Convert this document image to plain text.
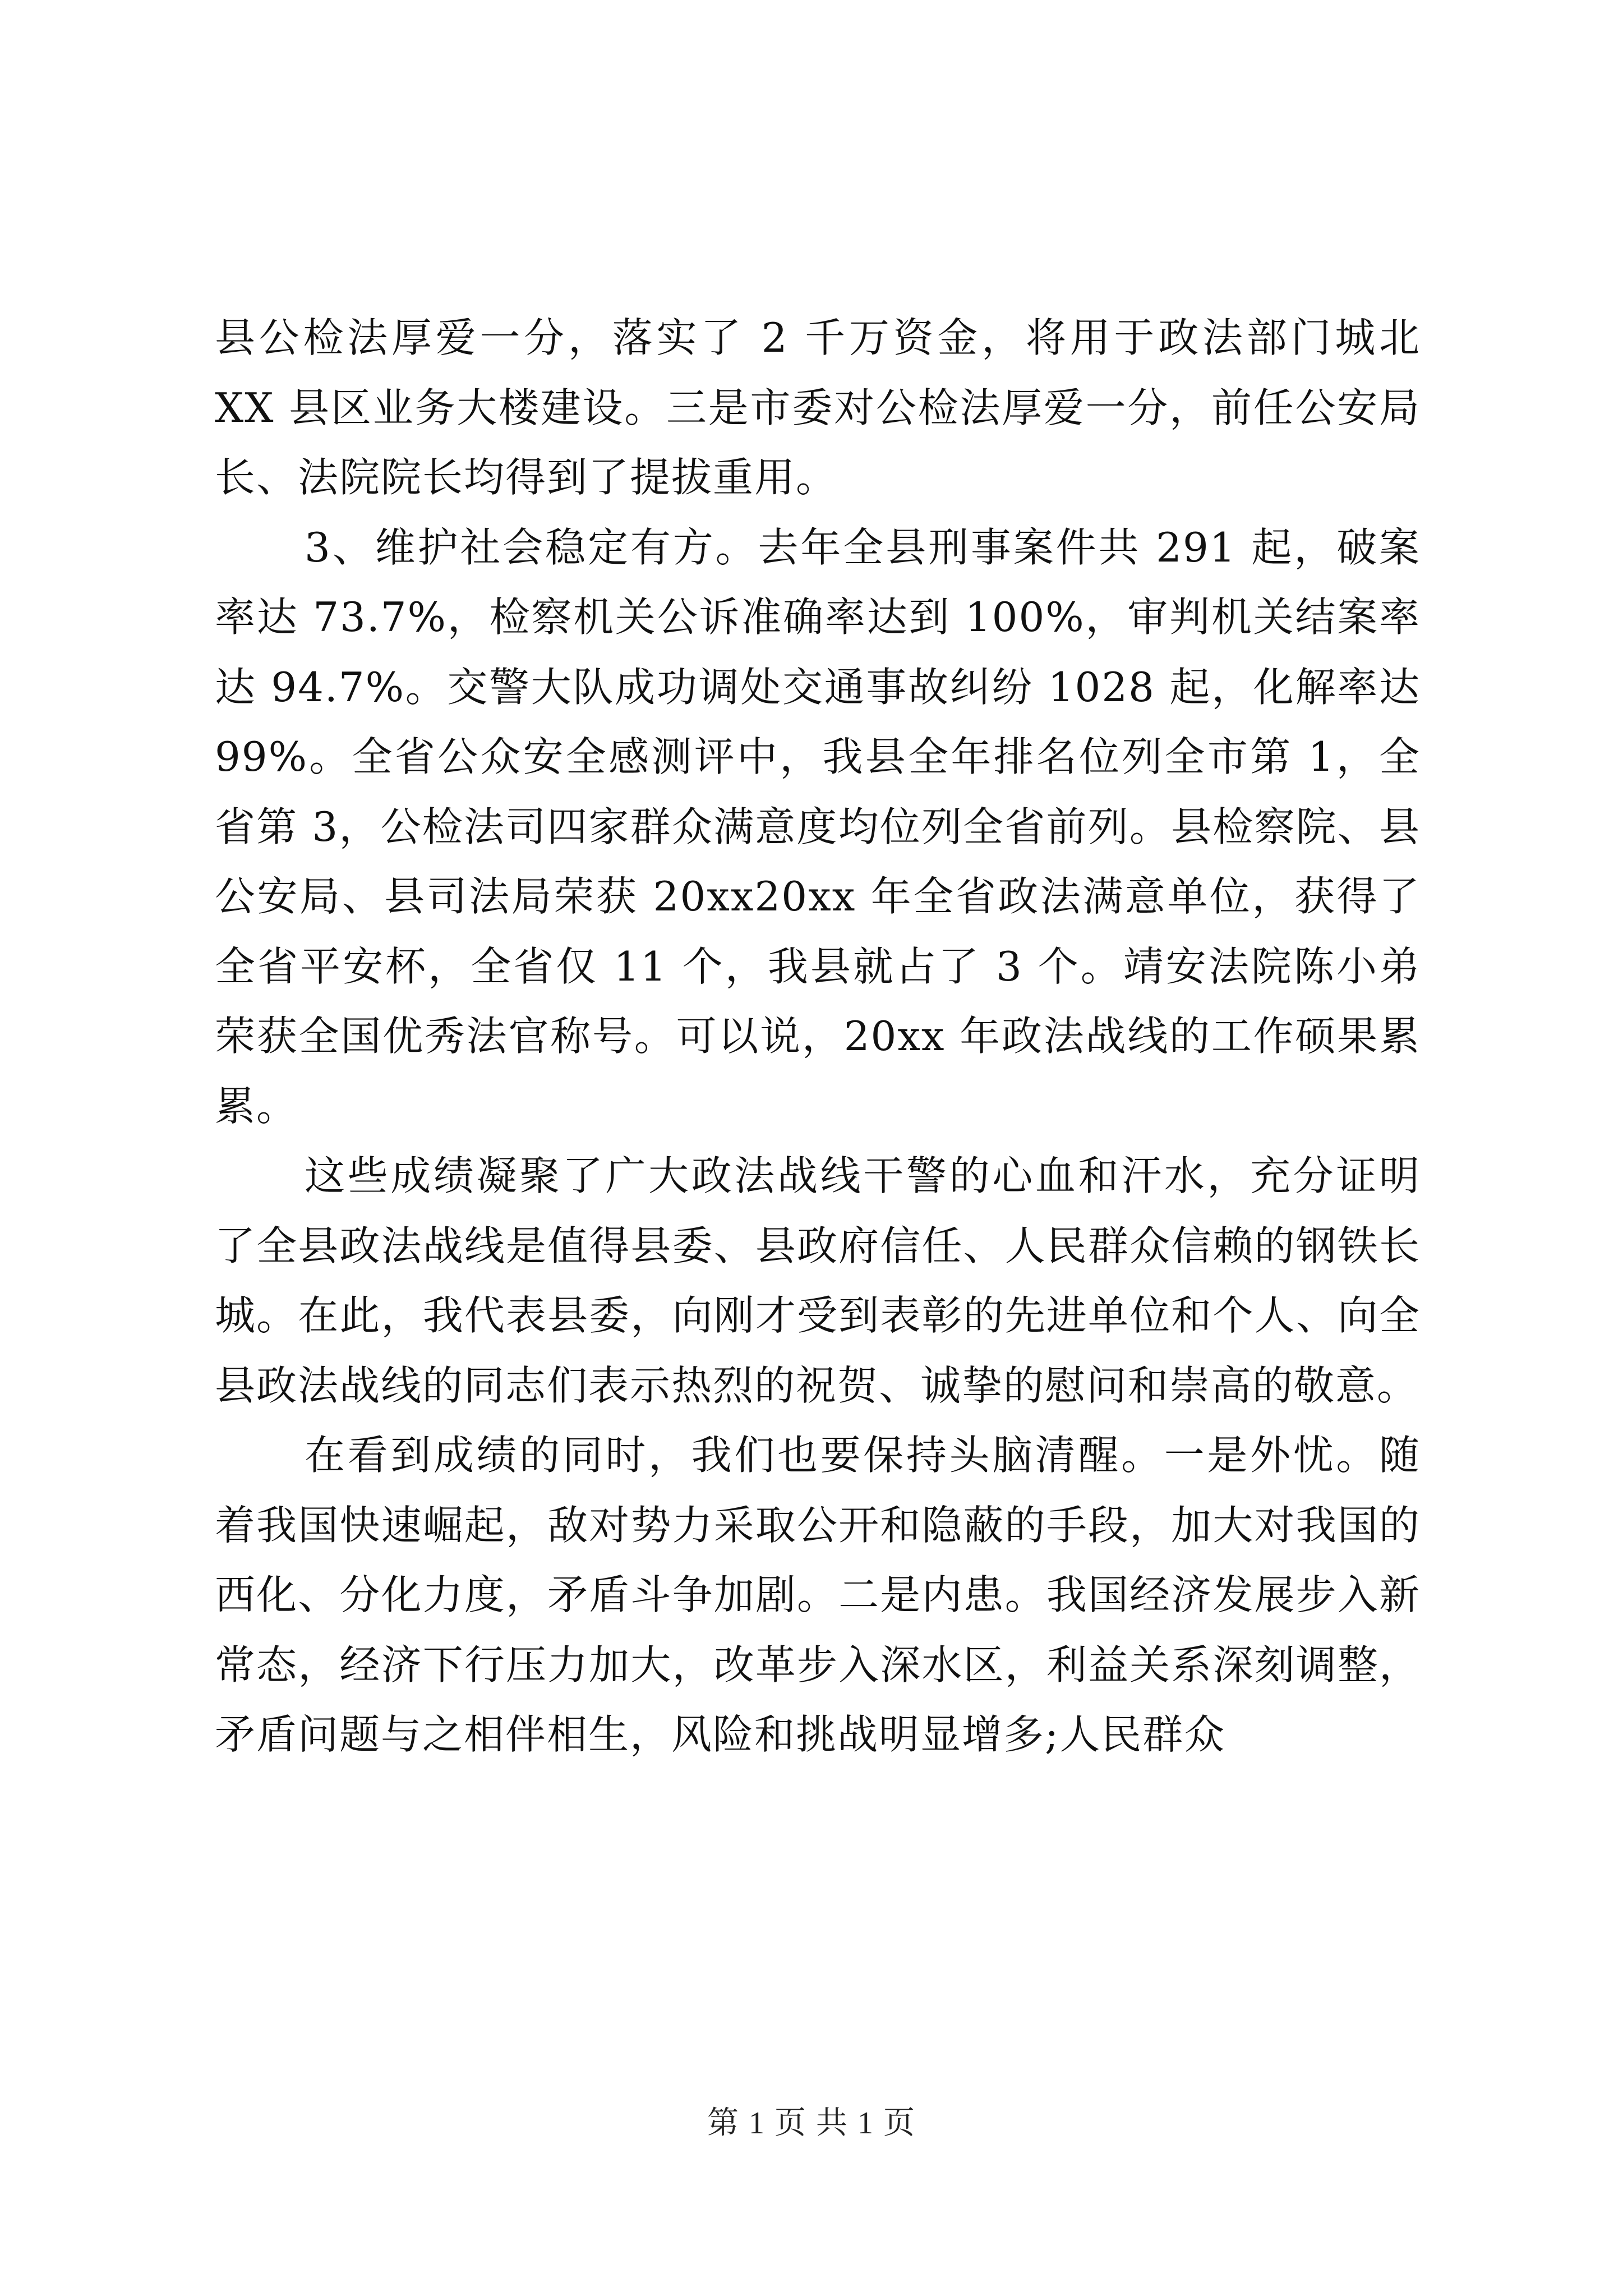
县公检法厚爱一分，落实了 2 千万资金，将用于政法部门城北 XX 县区业务大楼建设。三是市委对公检法厚爱一分，前任公安局长、法院院长均得到了提拔重用。

3、维护社会稳定有方。去年全县刑事案件共 291 起，破案率达 73.7%，检察机关公诉准确率达到 100%，审判机关结案率达 94.7%。交警大队成功调处交通事故纠纷 1028 起，化解率达 99%。全省公众安全感测评中，我县全年排名位列全市第 1，全省第 3，公检法司四家群众满意度均位列全省前列。县检察院、县公安局、县司法局荣获 20xx20xx 年全省政法满意单位，获得了全省平安杯，全省仅 11 个，我县就占了 3 个。靖安法院陈小弟荣获全国优秀法官称号。可以说，20xx 年政法战线的工作硕果累累。

这些成绩凝聚了广大政法战线干警的心血和汗水，充分证明了全县政法战线是值得县委、县政府信任、人民群众信赖的钢铁长城。在此，我代表县委，向刚才受到表彰的先进单位和个人、向全县政法战线的同志们表示热烈的祝贺、诚挚的慰问和崇高的敬意。

在看到成绩的同时，我们也要保持头脑清醒。一是外忧。随着我国快速崛起，敌对势力采取公开和隐蔽的手段，加大对我国的西化、分化力度，矛盾斗争加剧。二是内患。我国经济发展步入新常态，经济下行压力加大，改革步入深水区，利益关系深刻调整，矛盾问题与之相伴相生，风险和挑战明显增多;人民群众

第 1 页 共 1 页
